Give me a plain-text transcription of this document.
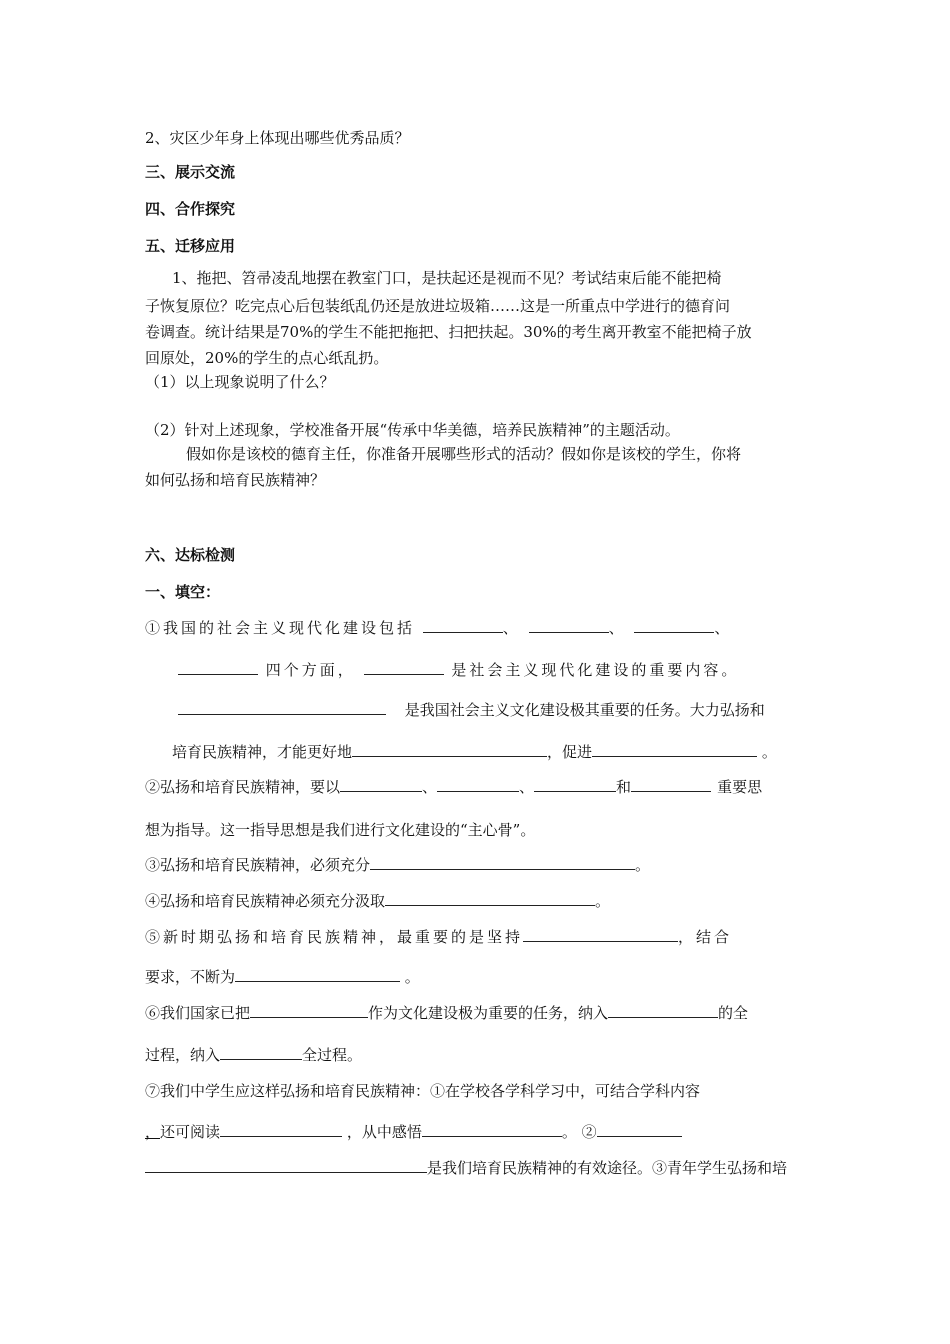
2、灾区少年身上体现出哪些优秀品质？
三、展示交流
四、合作探究
五、迁移应用
1、拖把、笤帚凌乱地摆在教室门口，是扶起还是视而不见？考试结束后能不能把椅
子恢复原位？吃完点心后包装纸乱仍还是放进垃圾箱……这是一所重点中学进行的德育问
卷调查。统计结果是70%的学生不能把拖把、扫把扶起。30%的考生离开教室不能把椅子放
回原处，20%的学生的点心纸乱扔。
（1）以上现象说明了什么？
（2）针对上述现象，学校准备开展“传承中华美德，培养民族精神”的主题活动。
假如你是该校的德育主任，你准备开展哪些形式的活动？假如你是该校的学生，你将
如何弘扬和培育民族精神？
六、达标检测
一、填空：
①我国的社会主义现代化建设包括	、	、	、
四个方面，	是社会主义现代化建设的重要内容。
是我国社会主义文化建设极其重要的任务。大力弘扬和
培育民族精神，才能更好地	，促进	。
②弘扬和培育民族精神，要以	、	、	和	重要思
想为指导。这一指导思想是我们进行文化建设的“主心骨”。
③弘扬和培育民族精神，必须充分	。
④弘扬和培育民族精神必须充分汲取	。
⑤新时期弘扬和培育民族精神，最重要的是坚持	，结合
要求，不断为	。
⑥我们国家已把	作为文化建设极为重要的任务，纳入	的全
过程，纳入	全过程。
⑦我们中学生应这样弘扬和培育民族精神：①在学校各学科学习中，可结合学科内容
，还可阅读	，从中感悟	。 ②
是我们培育民族精神的有效途径。③青年学生弘扬和培
